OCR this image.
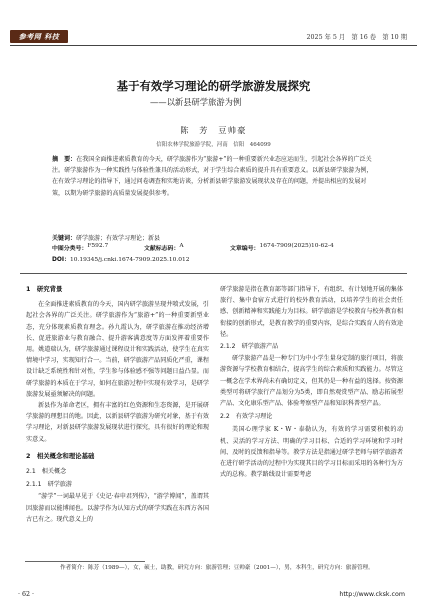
参考网 科技	2025 年 5 月　第 16 卷　第 10 期
基于有效学习理论的研学旅游发展探究
——以新县研学旅游为例
陈　芳　豆帅豪
信阳农林学院旅游学院，河南　信阳　464099
摘　要：在我国全面推进素质教育的今天，研学旅游作为“旅游+”的一种重要新兴业态应运而生，引起社会各界的广泛关注。研学旅游作为一种实践性与体验性兼具的活动形式，对于学生综合素质的提升具有重要意义。以新县研学旅游为例，在有效学习理论的指导下，通过问卷调查和实地访谈，分析新县研学旅游发展现状及存在的问题，并提出相应的发展对策，以期为研学旅游的高质量发展提供参考。
关键词：研学旅游；有效学习理论；新县
中图分类号： F592.7	文献标志码： A	文章编号： 1674-7909(2025)10-62-4
DOI：10.19345/j.cnki.1674-7909.2025.10.012
1　研究背景

在全面推进素质教育的今天，国内研学旅游呈现井喷式发展，引起社会各界的广泛关注。研学旅游作为“旅游+”的一种重要新型业态，充分体现素质教育理念。孙九霞认为，研学旅游在推动经济增长、促进旅游业与教育融合、提升游客满意度等方面发挥着重要作用。姚道瑞认为，研学旅游通过课程设计和实践活动，使学生在真实情境中学习，实现知行合一。当前，研学旅游产品同质化严重，课程设计缺乏系统性和针对性，学生参与体验感不强等问题日益凸显。而研学旅游的本质在于学习，如何在旅游过程中实现有效学习，是研学旅游发展亟须解决的问题。

新县作为革命老区，拥有丰富的红色资源和生态资源，是开展研学旅游的理想目的地。因此，以新县研学旅游为研究对象，基于有效学习理论，对新县研学旅游发展现状进行探究，具有很好的理论和现实意义。

2　相关概念和理论基础
2.1　相关概念
2.1.1　研学旅游

“游学”一词最早见于《史记·春申君列传》，“游学博闻”，盖谓其因旅游而以能博闻也。以游学作为认知方式的研学实践在东西方各国古已有之。现代意义上的

研学旅游是指在教育部等部门指导下，有组织、有计划地开展的集体旅行、集中食宿方式进行的校外教育活动，以培养学生的社会责任感、创新精神和实践能力为目标。研学旅游是学校教育与校外教育相衔接的创新形式，是教育教学的重要内容，是综合实践育人的有效途径。

2.1.2　研学旅游产品

研学旅游产品是一种专门为中小学生量身定制的旅行项目，将旅游资源与学校教育相结合，提高学生的综合素质和实践能力。尽管这一概念在学术界尚未有确切定义，但其仍是一种有益的选择。按资源类型可将研学旅行产品划分为5类，即自然观赏型产品、励志拓展型产品、文化康乐型产品、体验考察型产品和知识科普型产品。

2.2　有效学习理论

美国心理学家 K・W・泰勒认为，有效的学习需要积极的动机、灵活的学习方法、明确的学习目标、合适的学习环境和学习时间、及时的反馈和指导等。教学方法是指通过研学老师与研学旅游者在进行研学活动的过程中为实现其目的学习目标而采用的各种行为方式的总称。教学路线设计需要考虑

作者简介：陈芳（1989—），女，硕士，助教，研究方向：旅游管理；豆帅豪（2001—），男，本科生，研究方向：旅游管理。
· 62 ·	http://www.cksk.com
